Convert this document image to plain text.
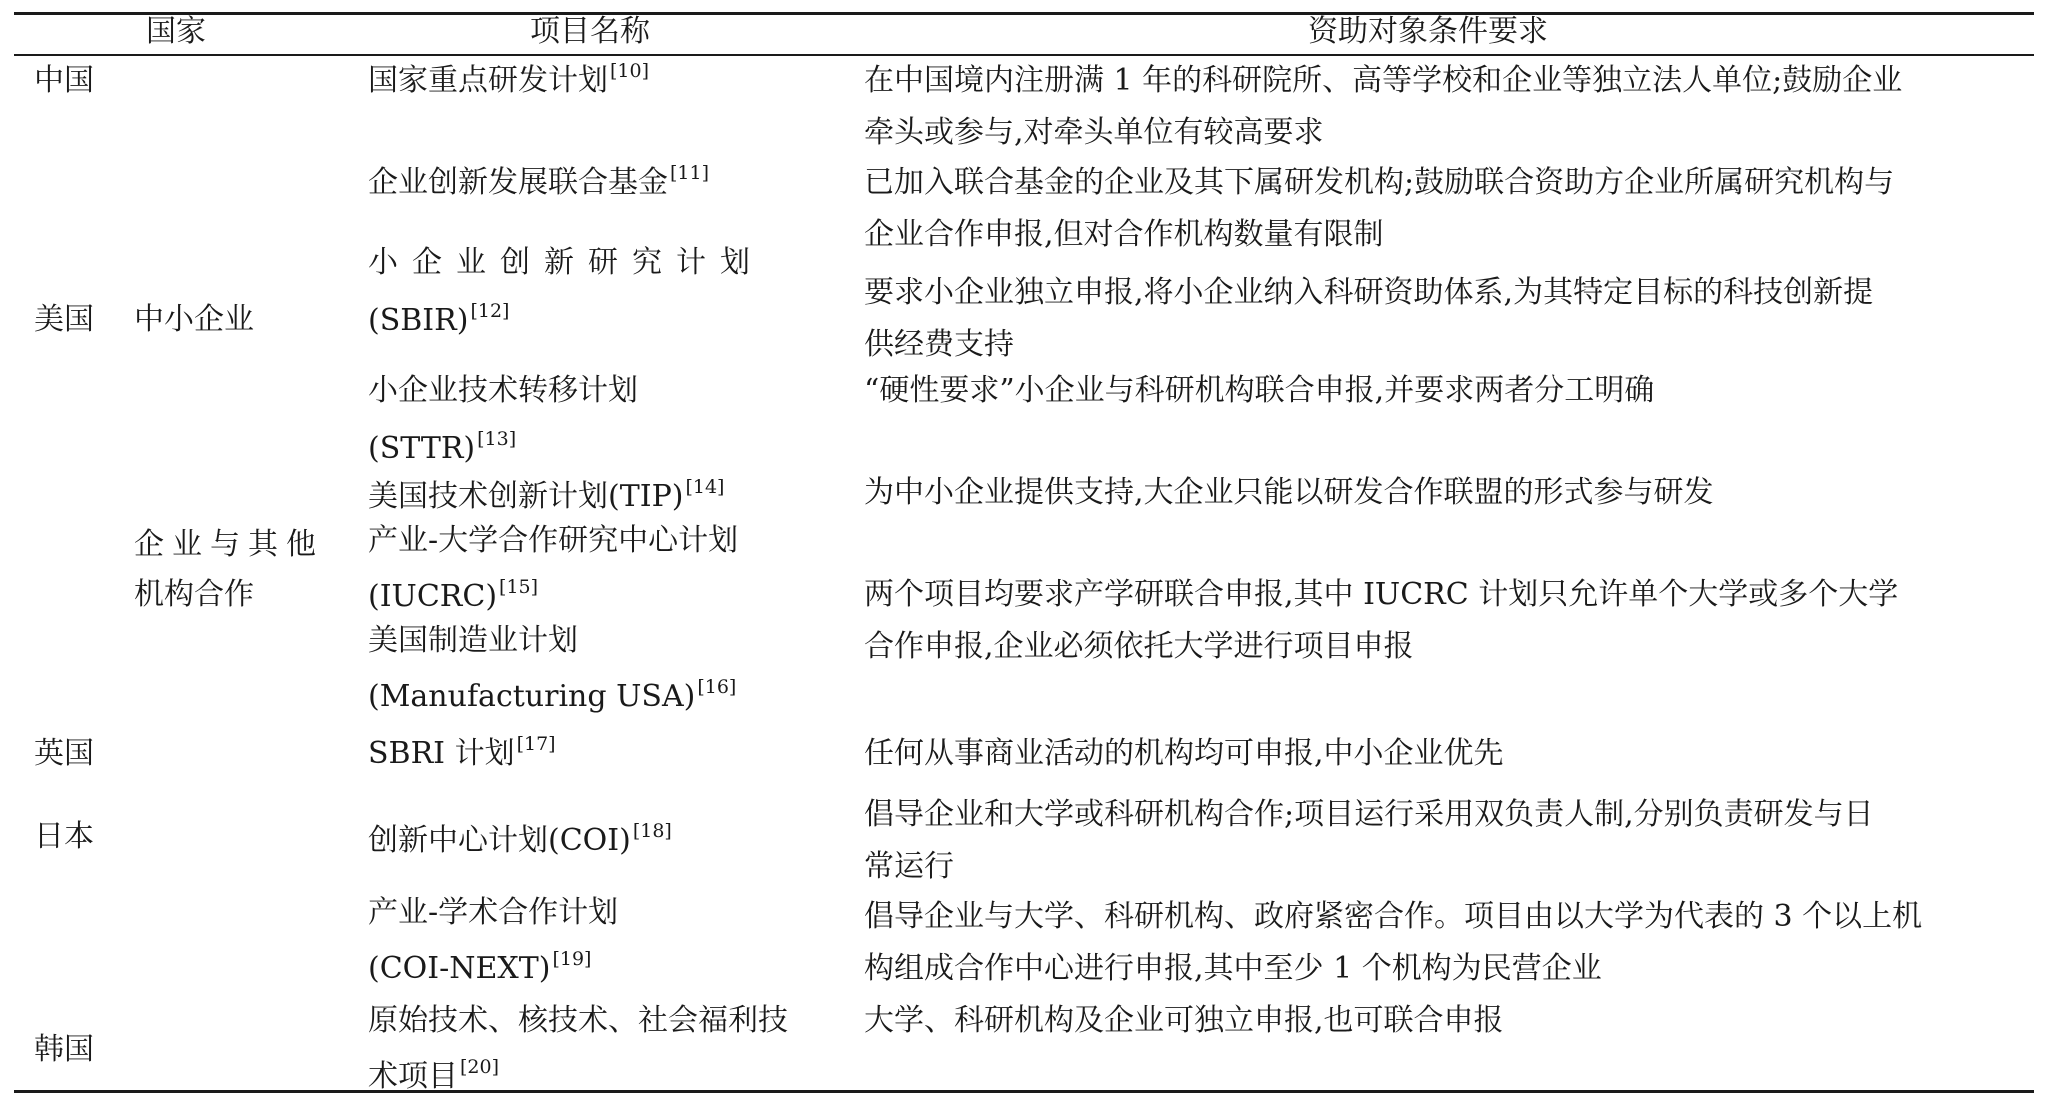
国家	项目名称	资助对象条件要求
中国
美国
英国
日本
韩国
中小企业
企业与其他
机构合作
国家重点研发计划 [10]
企业创新发展联合基金 [11]
小企业创新研究计划
(SBIR) [12]
小企业技术转移计划
(STTR) [13]
美国技术创新计划(TIP) [14]
产业-大学合作研究中心计划
(IUCRC) [15]
美国制造业计划
(Manufacturing USA) [16]
SBRI 计划 [17]
创新中心计划(COI) [18]
产业-学术合作计划
(COI-NEXT) [19]
原始技术、核技术、社会福利技
术项目 [20]
在中国境内注册满 1 年的科研院所、高等学校和企业等独立法人单位;鼓励企业
牵头或参与,对牵头单位有较高要求
已加入联合基金的企业及其下属研发机构;鼓励联合资助方企业所属研究机构与
企业合作申报,但对合作机构数量有限制
要求小企业独立申报,将小企业纳入科研资助体系,为其特定目标的科技创新提
供经费支持
“硬性要求”小企业与科研机构联合申报,并要求两者分工明确
为中小企业提供支持,大企业只能以研发合作联盟的形式参与研发
两个项目均要求产学研联合申报,其中 IUCRC 计划只允许单个大学或多个大学
合作申报,企业必须依托大学进行项目申报
任何从事商业活动的机构均可申报,中小企业优先
倡导企业和大学或科研机构合作;项目运行采用双负责人制,分别负责研发与日
常运行
倡导企业与大学、科研机构、政府紧密合作。项目由以大学为代表的 3 个以上机
构组成合作中心进行申报,其中至少 1 个机构为民营企业
大学、科研机构及企业可独立申报,也可联合申报
